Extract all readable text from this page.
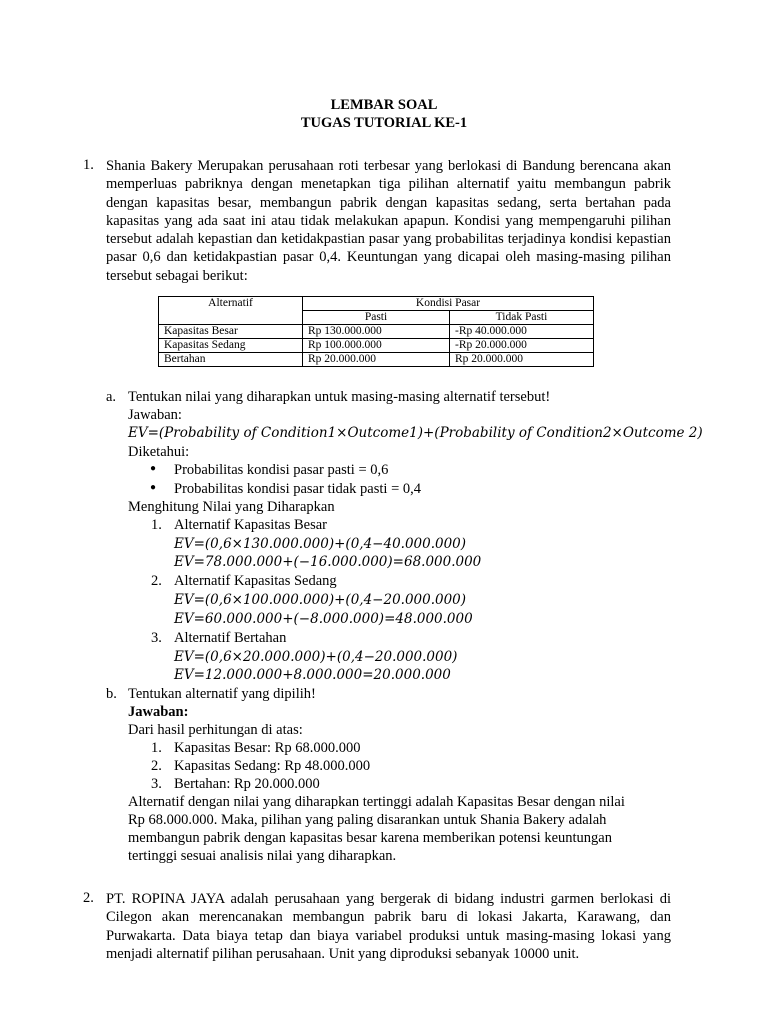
LEMBAR SOAL
TUGAS TUTORIAL KE-1
1. Shania Bakery Merupakan perusahaan roti terbesar yang berlokasi di Bandung berencana akan memperluas pabriknya dengan menetapkan tiga pilihan alternatif yaitu membangun pabrik dengan kapasitas besar, membangun pabrik dengan kapasitas sedang, serta bertahan pada kapasitas yang ada saat ini atau tidak melakukan apapun. Kondisi yang mempengaruhi pilihan tersebut adalah kepastian dan ketidakpastian pasar yang probabilitas terjadinya kondisi kepastian pasar 0,6 dan ketidakpastian pasar 0,4. Keuntungan yang dicapai oleh masing-masing pilihan tersebut sebagai berikut:
Alternatif	Kondisi Pasar	
	Pasti	Tidak Pasti
Kapasitas Besar	Rp 130.000.000	-Rp 40.000.000
Kapasitas Sedang	Rp 100.000.000	-Rp 20.000.000
Bertahan	Rp 20.000.000	Rp 20.000.000
a. Tentukan nilai yang diharapkan untuk masing-masing alternatif tersebut!
Jawaban:
EV=(Probability of Condition1×Outcome1)+(Probability of Condition2×Outcome 2)
Diketahui:
● Probabilitas kondisi pasar pasti = 0,6
● Probabilitas kondisi pasar tidak pasti = 0,4
Menghitung Nilai yang Diharapkan
1. Alternatif Kapasitas Besar
EV=(0,6×130.000.000)+(0,4−40.000.000)
EV=78.000.000+(−16.000.000)=68.000.000
2. Alternatif Kapasitas Sedang
EV=(0,6×100.000.000)+(0,4−20.000.000)
EV=60.000.000+(−8.000.000)=48.000.000
3. Alternatif Bertahan
EV=(0,6×20.000.000)+(0,4−20.000.000)
EV=12.000.000+8.000.000=20.000.000
b. Tentukan alternatif yang dipilih!
Jawaban:
Dari hasil perhitungan di atas:
1. Kapasitas Besar: Rp 68.000.000
2. Kapasitas Sedang: Rp 48.000.000
3. Bertahan: Rp 20.000.000
Alternatif dengan nilai yang diharapkan tertinggi adalah Kapasitas Besar dengan nilai
Rp 68.000.000. Maka, pilihan yang paling disarankan untuk Shania Bakery adalah
membangun pabrik dengan kapasitas besar karena memberikan potensi keuntungan
tertinggi sesuai analisis nilai yang diharapkan.
2. PT. ROPINA JAYA adalah perusahaan yang bergerak di bidang industri garmen berlokasi di Cilegon akan merencanakan membangun pabrik baru di lokasi Jakarta, Karawang, dan Purwakarta. Data biaya tetap dan biaya variabel produksi untuk masing-masing lokasi yang menjadi alternatif pilihan perusahaan. Unit yang diproduksi sebanyak 10000 unit.
